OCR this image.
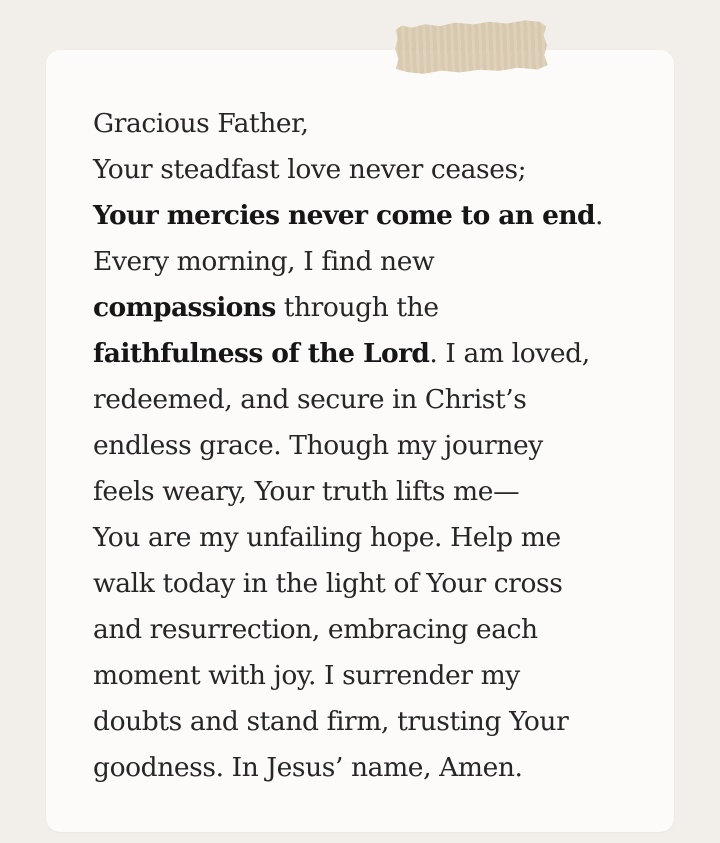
Gracious Father,
Your steadfast love never ceases;
Your mercies never come to an end.
Every morning, I find new
compassions through the
faithfulness of the Lord. I am loved,
redeemed, and secure in Christ’s
endless grace. Though my journey
feels weary, Your truth lifts me—
You are my unfailing hope. Help me
walk today in the light of Your cross
and resurrection, embracing each
moment with joy. I surrender my
doubts and stand firm, trusting Your
goodness. In Jesus’ name, Amen.
